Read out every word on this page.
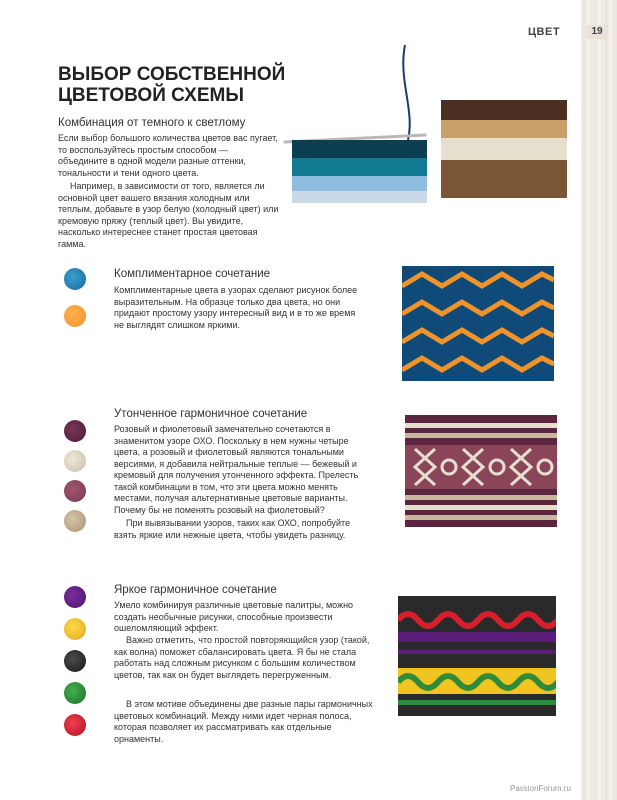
ЦВЕТ	19
ВЫБОР СОБСТВЕННОЙ
ЦВЕТОВОЙ СХЕМЫ
Комбинация от темного к светлому

Если выбор большого количества цветов вас пугает, то воспользуйтесь простым способом — объедините в одной модели разные оттенки, тональности и тени одного цвета.

Например, в зависимости от того, является ли основной цвет вашего вязания холодным или теплым, добавьте в узор белую (холодный цвет) или кремовую пряжу (теплый цвет). Вы увидите, насколько интереснее станет простая цветовая гамма.

Комплиментарное сочетание

Комплиментарные цвета в узорах сделают рисунок более выразительным. На образце только два цвета, но они придают простому узору интересный вид и в то же время не выглядят слишком яркими.

Утонченное гармоничное сочетание

Розовый и фиолетовый замечательно сочетаются в знаменитом узоре ОХО. Поскольку в нем нужны четыре цвета, а розовый и фиолетовый являются тональными версиями, я добавила нейтральные теплые — бежевый и кремовый для получения утонченного эффекта. Прелесть такой комбинации в том, что эти цвета можно менять местами, получая альтернативные цветовые варианты. Почему бы не поменять розовый на фиолетовый?

При вывязывании узоров, таких как ОХО, попробуйте взять яркие или нежные цвета, чтобы увидеть разницу.

Яркое гармоничное сочетание

Умело комбинируя различные цветовые палитры, можно создать необычные рисунки, способные произвести ошеломляющий эффект.

Важно отметить, что простой повторяющийся узор (такой, как волна) поможет сбалансировать цвета. Я бы не стала работать над сложным рисунком с большим количеством цветов, так как он будет выглядеть перегруженным.

В этом мотиве объединены две разные пары гармоничных цветовых комбинаций. Между ними идет черная полоса, которая позволяет их рассматривать как отдельные орнаменты.

PassionForum.ru
